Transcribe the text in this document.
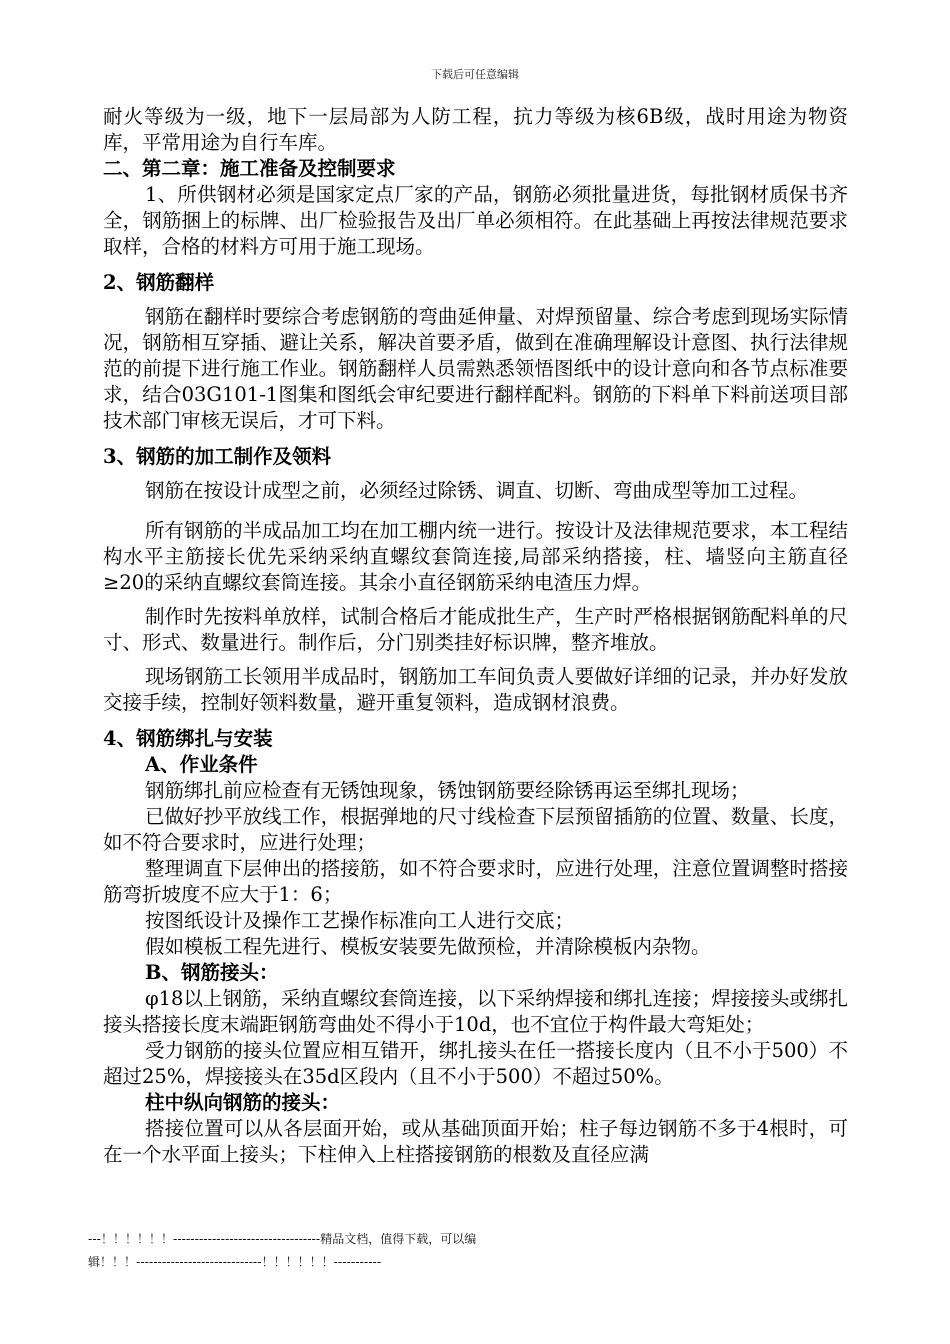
下载后可任意编辑

耐火等级为一级，地下一层局部为人防工程，抗力等级为核6B级，战时用途为物资库，平常用途为自行车库。

二、第二章：施工准备及控制要求

1、所供钢材必须是国家定点厂家的产品，钢筋必须批量进货，每批钢材质保书齐全，钢筋捆上的标牌、出厂检验报告及出厂单必须相符。在此基础上再按法律规范要求取样，合格的材料方可用于施工现场。

2、钢筋翻样

钢筋在翻样时要综合考虑钢筋的弯曲延伸量、对焊预留量、综合考虑到现场实际情况，钢筋相互穿插、避让关系，解决首要矛盾，做到在准确理解设计意图、执行法律规范的前提下进行施工作业。钢筋翻样人员需熟悉领悟图纸中的设计意向和各节点标准要求，结合03G101-1图集和图纸会审纪要进行翻样配料。钢筋的下料单下料前送项目部技术部门审核无误后，才可下料。

3、钢筋的加工制作及领料

钢筋在按设计成型之前，必须经过除锈、调直、切断、弯曲成型等加工过程。

所有钢筋的半成品加工均在加工棚内统一进行。按设计及法律规范要求，本工程结构水平主筋接长优先采纳采纳直螺纹套筒连接,局部采纳搭接，柱、墙竖向主筋直径≥20的采纳直螺纹套筒连接。其余小直径钢筋采纳电渣压力焊。

制作时先按料单放样，试制合格后才能成批生产，生产时严格根据钢筋配料单的尺寸、形式、数量进行。制作后，分门别类挂好标识牌，整齐堆放。

现场钢筋工长领用半成品时，钢筋加工车间负责人要做好详细的记录，并办好发放交接手续，控制好领料数量，避开重复领料，造成钢材浪费。

4、钢筋绑扎与安装

A、作业条件

钢筋绑扎前应检查有无锈蚀现象，锈蚀钢筋要经除锈再运至绑扎现场；

已做好抄平放线工作，根据弹地的尺寸线检查下层预留插筋的位置、数量、长度，如不符合要求时，应进行处理；

整理调直下层伸出的搭接筋，如不符合要求时，应进行处理，注意位置调整时搭接筋弯折坡度不应大于1：6；

按图纸设计及操作工艺操作标准向工人进行交底；

假如模板工程先进行、模板安装要先做预检，并清除模板内杂物。

B、钢筋接头：

φ18以上钢筋，采纳直螺纹套筒连接，以下采纳焊接和绑扎连接；焊接接头或绑扎接头搭接长度末端距钢筋弯曲处不得小于10d，也不宜位于构件最大弯矩处；

受力钢筋的接头位置应相互错开，绑扎接头在任一搭接长度内（且不小于500）不超过25%，焊接接头在35d区段内（且不小于500）不超过50%。

柱中纵向钢筋的接头：

搭接位置可以从各层面开始，或从基础顶面开始；柱子每边钢筋不多于4根时，可在一个水平面上接头；下柱伸入上柱搭接钢筋的根数及直径应满

---！！！！！！----------------------------------精品文档，值得下载，可以编
辑！！！-----------------------------！！！！！！-----------
